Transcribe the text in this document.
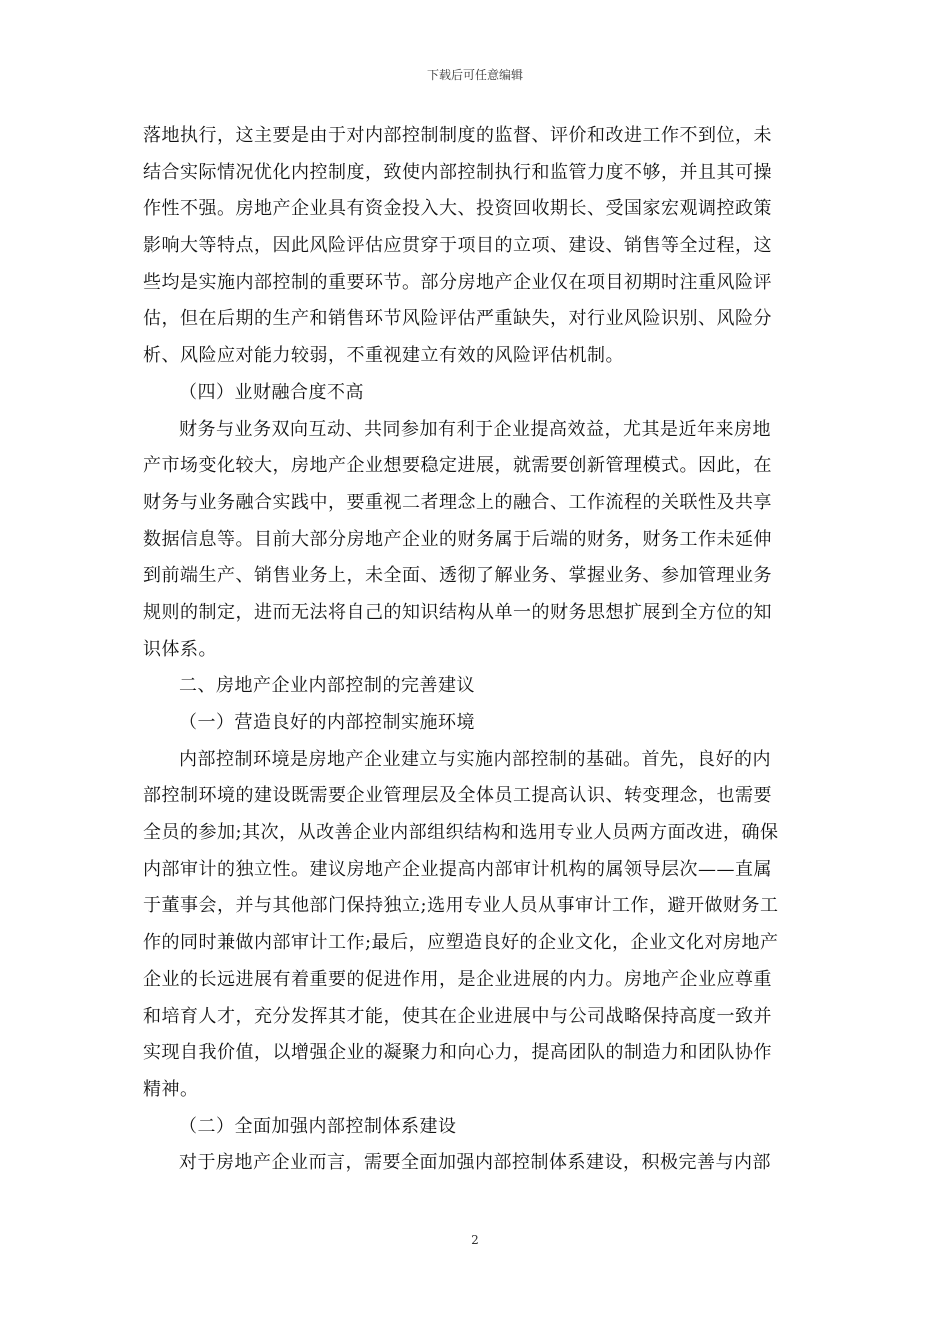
下载后可任意编辑
落地执行，这主要是由于对内部控制制度的监督、评价和改进工作不到位，未
结合实际情况优化内控制度，致使内部控制执行和监管力度不够，并且其可操
作性不强。房地产企业具有资金投入大、投资回收期长、受国家宏观调控政策
影响大等特点，因此风险评估应贯穿于项目的立项、建设、销售等全过程，这
些均是实施内部控制的重要环节。部分房地产企业仅在项目初期时注重风险评
估，但在后期的生产和销售环节风险评估严重缺失，对行业风险识别、风险分
析、风险应对能力较弱，不重视建立有效的风险评估机制。
（四）业财融合度不高
财务与业务双向互动、共同参加有利于企业提高效益，尤其是近年来房地
产市场变化较大，房地产企业想要稳定进展，就需要创新管理模式。因此，在
财务与业务融合实践中，要重视二者理念上的融合、工作流程的关联性及共享
数据信息等。目前大部分房地产企业的财务属于后端的财务，财务工作未延伸
到前端生产、销售业务上，未全面、透彻了解业务、掌握业务、参加管理业务
规则的制定，进而无法将自己的知识结构从单一的财务思想扩展到全方位的知
识体系。
二、房地产企业内部控制的完善建议
（一）营造良好的内部控制实施环境
内部控制环境是房地产企业建立与实施内部控制的基础。首先，良好的内
部控制环境的建设既需要企业管理层及全体员工提高认识、转变理念，也需要
全员的参加;其次，从改善企业内部组织结构和选用专业人员两方面改进，确保
内部审计的独立性。建议房地产企业提高内部审计机构的属领导层次——直属
于董事会，并与其他部门保持独立;选用专业人员从事审计工作，避开做财务工
作的同时兼做内部审计工作;最后，应塑造良好的企业文化，企业文化对房地产
企业的长远进展有着重要的促进作用，是企业进展的内力。房地产企业应尊重
和培育人才，充分发挥其才能，使其在企业进展中与公司战略保持高度一致并
实现自我价值，以增强企业的凝聚力和向心力，提高团队的制造力和团队协作
精神。
（二）全面加强内部控制体系建设
对于房地产企业而言，需要全面加强内部控制体系建设，积极完善与内部
2
